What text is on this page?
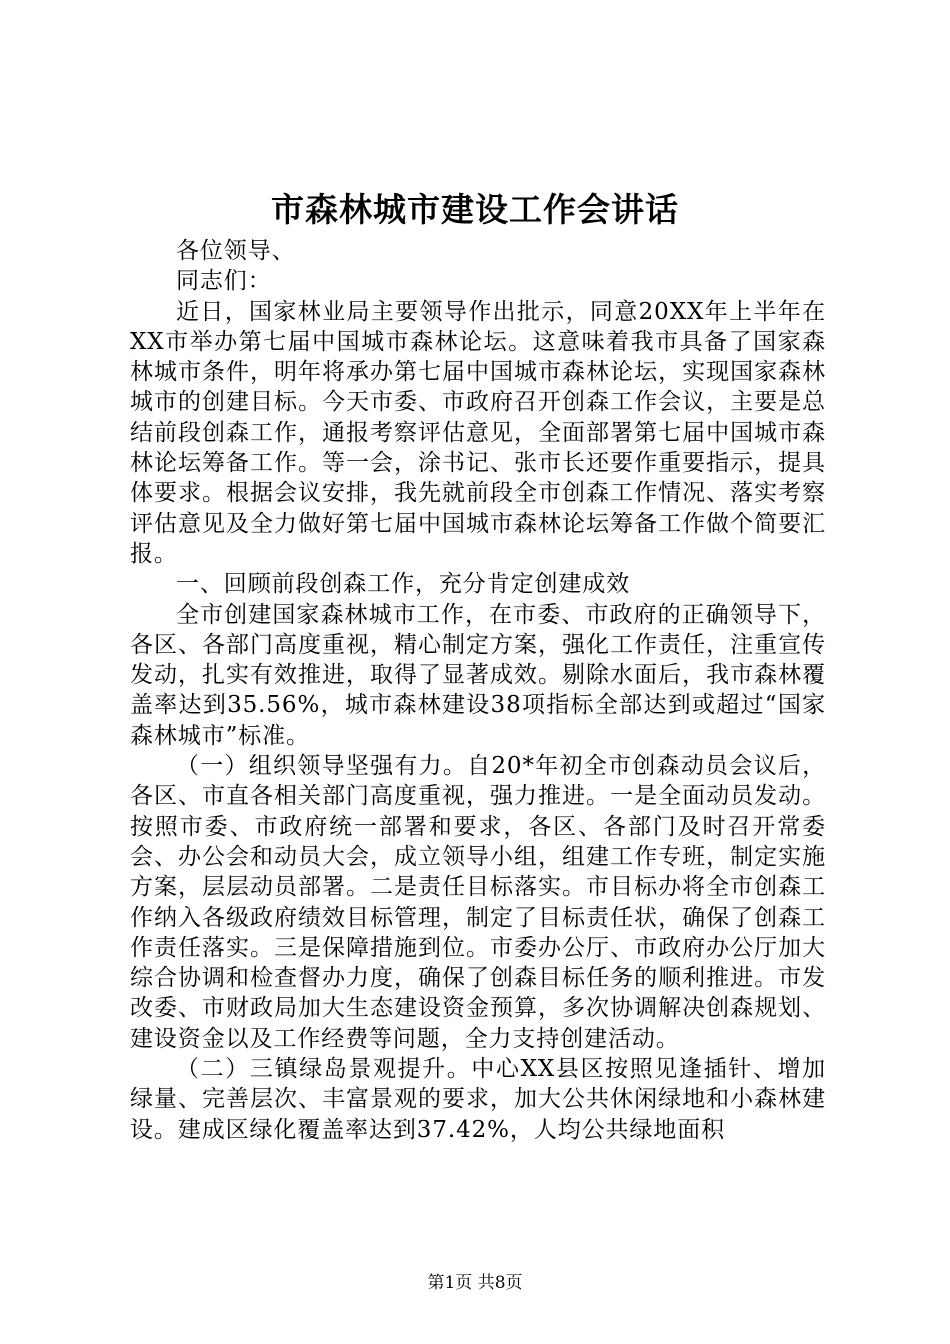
市森林城市建设工作会讲话

各位领导、

同志们：

近日，国家林业局主要领导作出批示，同意20XX年上半年在XX市举办第七届中国城市森林论坛。这意味着我市具备了国家森林城市条件，明年将承办第七届中国城市森林论坛，实现国家森林城市的创建目标。今天市委、市政府召开创森工作会议，主要是总结前段创森工作，通报考察评估意见，全面部署第七届中国城市森林论坛筹备工作。等一会，涂书记、张市长还要作重要指示，提具体要求。根据会议安排，我先就前段全市创森工作情况、落实考察评估意见及全力做好第七届中国城市森林论坛筹备工作做个简要汇报。

一、回顾前段创森工作，充分肯定创建成效

全市创建国家森林城市工作，在市委、市政府的正确领导下，各区、各部门高度重视，精心制定方案，强化工作责任，注重宣传发动，扎实有效推进，取得了显著成效。剔除水面后，我市森林覆盖率达到35.56%，城市森林建设38项指标全部达到或超过“国家森林城市”标准。

（一）组织领导坚强有力。自20*年初全市创森动员会议后，各区、市直各相关部门高度重视，强力推进。一是全面动员发动。按照市委、市政府统一部署和要求，各区、各部门及时召开常委会、办公会和动员大会，成立领导小组，组建工作专班，制定实施方案，层层动员部署。二是责任目标落实。市目标办将全市创森工作纳入各级政府绩效目标管理，制定了目标责任状，确保了创森工作责任落实。三是保障措施到位。市委办公厅、市政府办公厅加大综合协调和检查督办力度，确保了创森目标任务的顺利推进。市发改委、市财政局加大生态建设资金预算，多次协调解决创森规划、建设资金以及工作经费等问题，全力支持创建活动。

（二）三镇绿岛景观提升。中心XX县区按照见逢插针、增加绿量、完善层次、丰富景观的要求，加大公共休闲绿地和小森林建设。建成区绿化覆盖率达到37.42%，人均公共绿地面积

第1页 共8页
